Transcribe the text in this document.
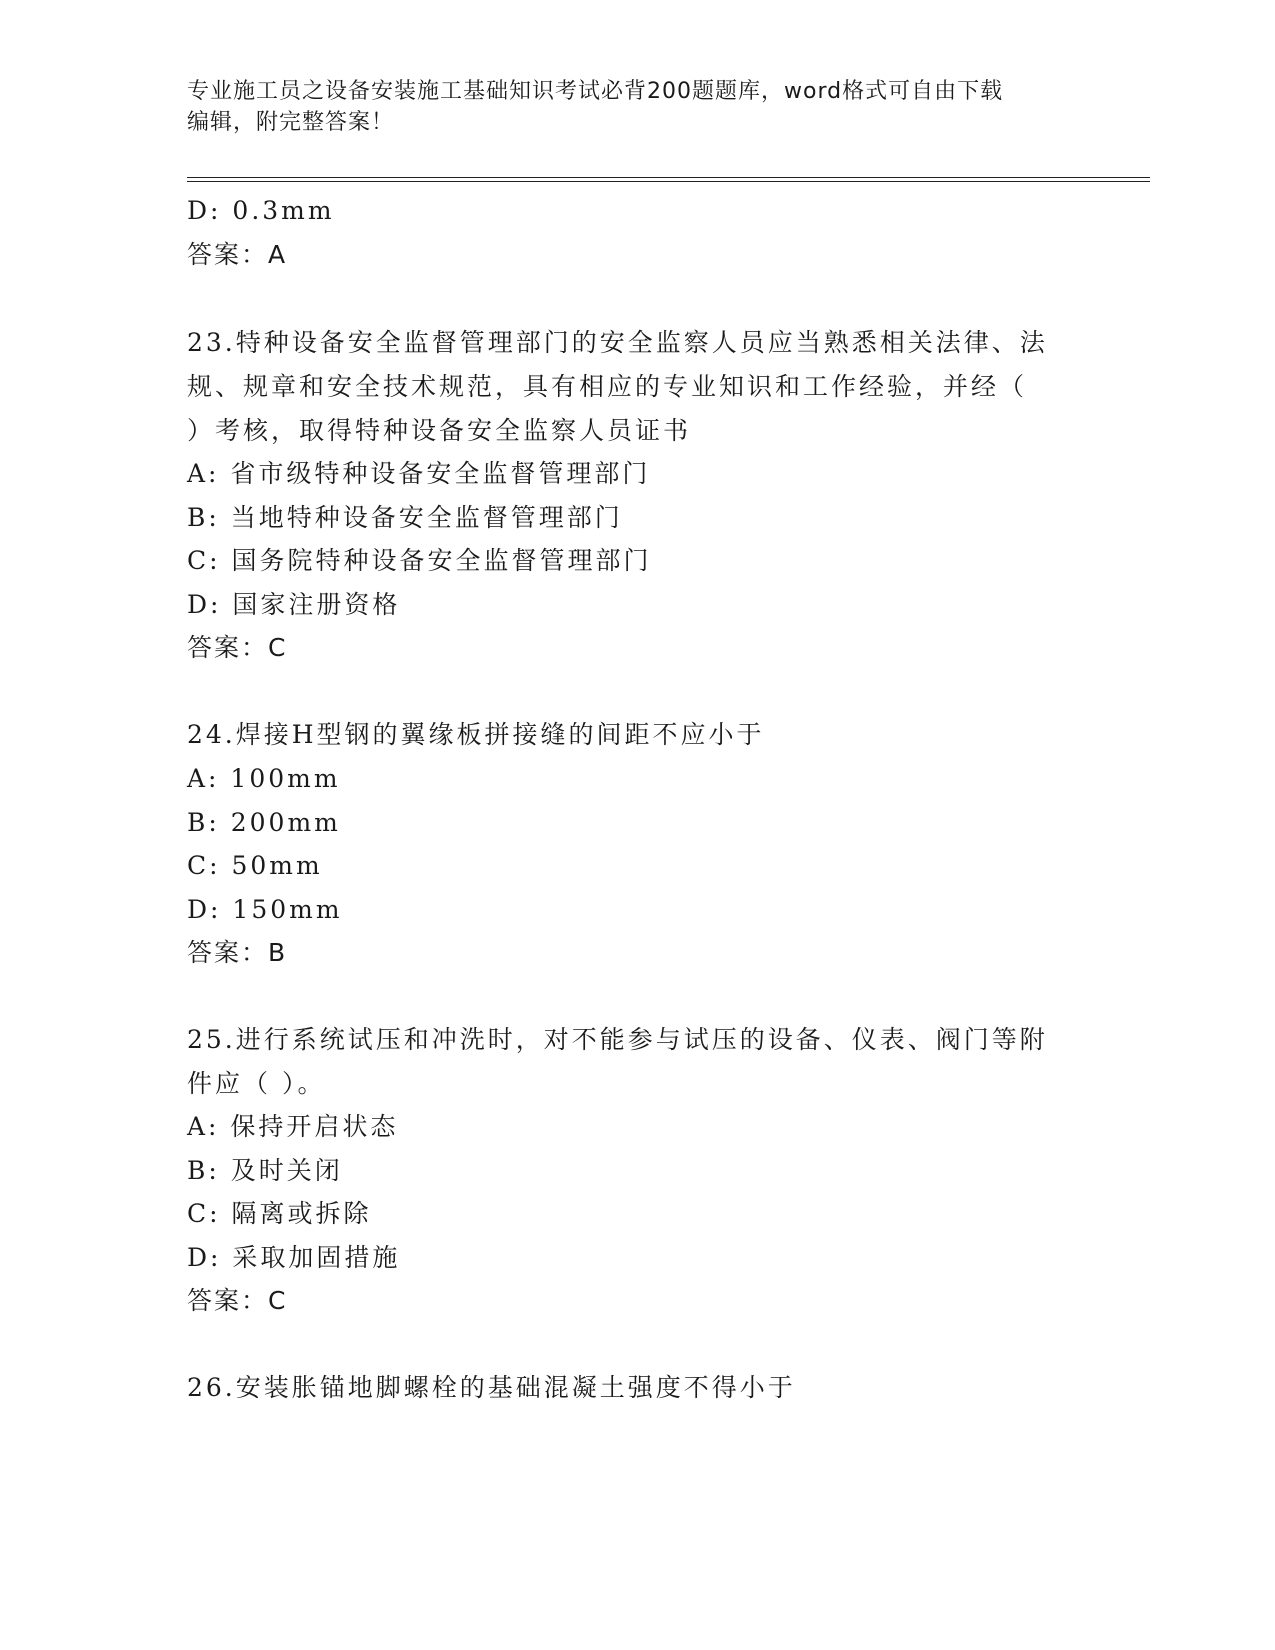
专业施工员之设备安装施工基础知识考试必背200题题库，word格式可自由下载
编辑，附完整答案！
D: 0.3mm
答案：A
23.特种设备安全监督管理部门的安全监察人员应当熟悉相关法律、法
规、规章和安全技术规范，具有相应的专业知识和工作经验，并经（
）考核，取得特种设备安全监察人员证书
A: 省市级特种设备安全监督管理部门
B: 当地特种设备安全监督管理部门
C: 国务院特种设备安全监督管理部门
D: 国家注册资格
答案：C
24.焊接H型钢的翼缘板拼接缝的间距不应小于
A: 100mm
B: 200mm
C: 50mm
D: 150mm
答案：B
25.进行系统试压和冲洗时，对不能参与试压的设备、仪表、阀门等附
件应（ ）。
A: 保持开启状态
B: 及时关闭
C: 隔离或拆除
D: 采取加固措施
答案：C
26.安装胀锚地脚螺栓的基础混凝土强度不得小于
